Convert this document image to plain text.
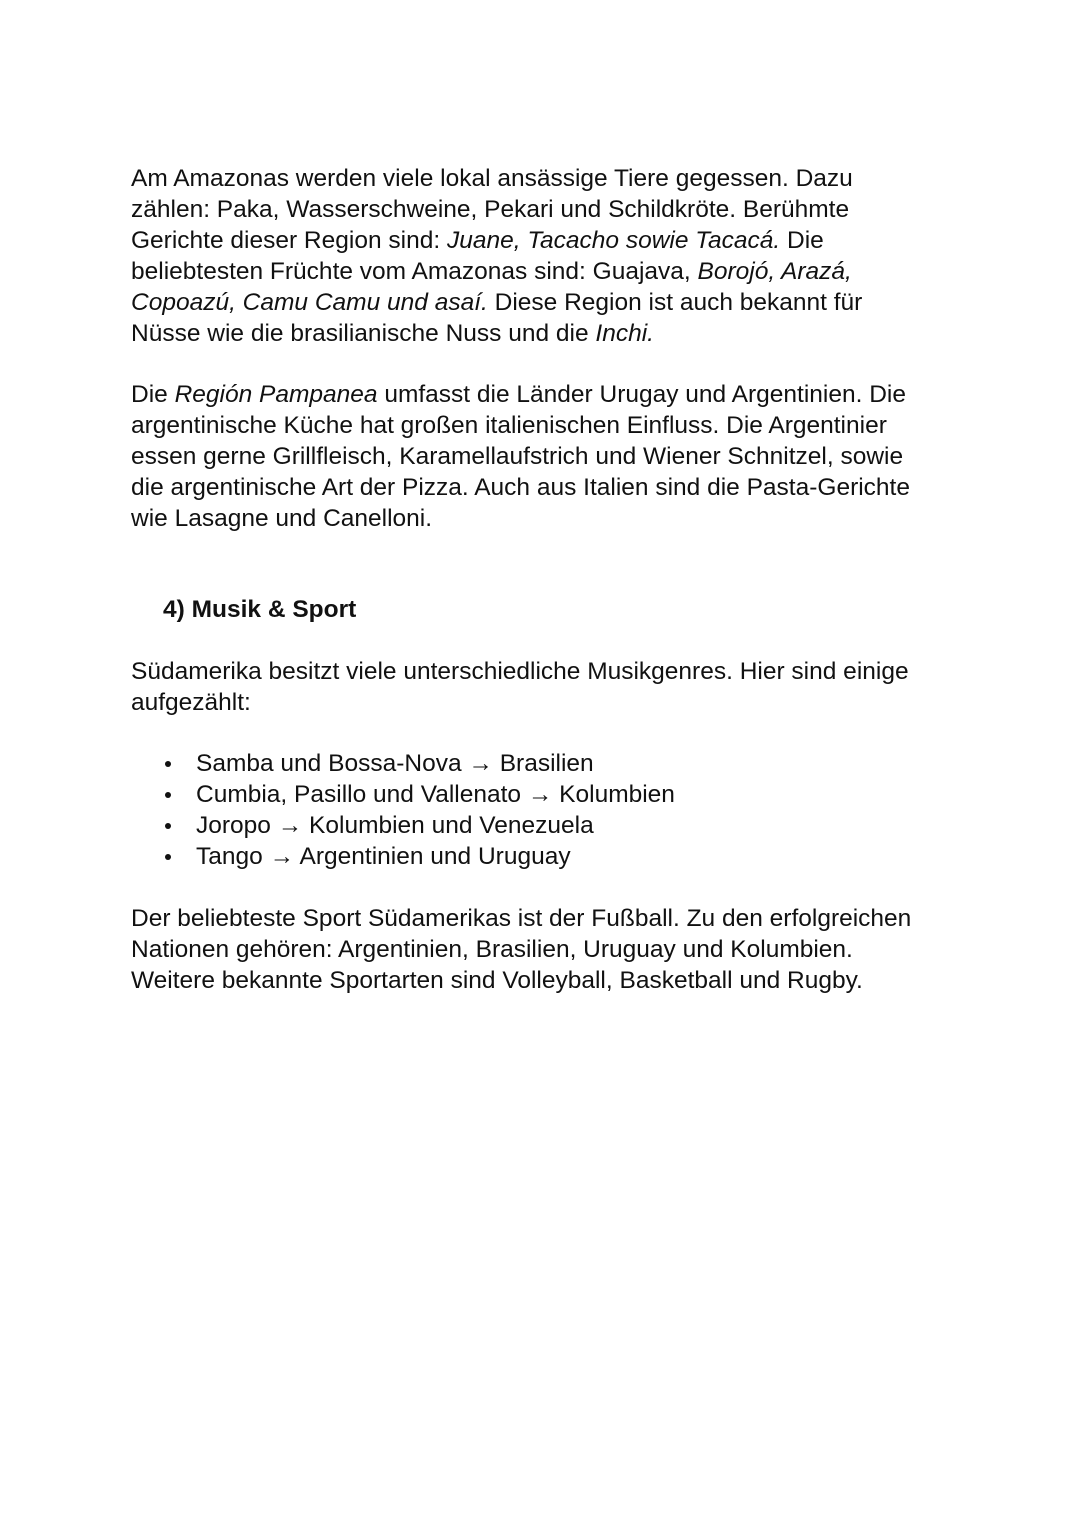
Am Amazonas werden viele lokal ansässige Tiere gegessen. Dazu
zählen: Paka, Wasserschweine, Pekari und Schildkröte. Berühmte
Gerichte dieser Region sind: Juane, Tacacho sowie Tacacá. Die
beliebtesten Früchte vom Amazonas sind: Guajava, Borojó, Arazá,
Copoazú, Camu Camu und asaí. Diese Region ist auch bekannt für
Nüsse wie die brasilianische Nuss und die Inchi.

Die Región Pampanea umfasst die Länder Urugay und Argentinien. Die
argentinische Küche hat großen italienischen Einfluss. Die Argentinier
essen gerne Grillfleisch, Karamellaufstrich und Wiener Schnitzel, sowie
die argentinische Art der Pizza. Auch aus Italien sind die Pasta-Gerichte
wie Lasagne und Canelloni.

4) Musik & Sport

Südamerika besitzt viele unterschiedliche Musikgenres. Hier sind einige
aufgezählt:

Samba und Bossa-Nova → Brasilien
Cumbia, Pasillo und Vallenato → Kolumbien
Joropo → Kolumbien und Venezuela
Tango → Argentinien und Uruguay

Der beliebteste Sport Südamerikas ist der Fußball. Zu den erfolgreichen
Nationen gehören: Argentinien, Brasilien, Uruguay und Kolumbien.
Weitere bekannte Sportarten sind Volleyball, Basketball und Rugby.
